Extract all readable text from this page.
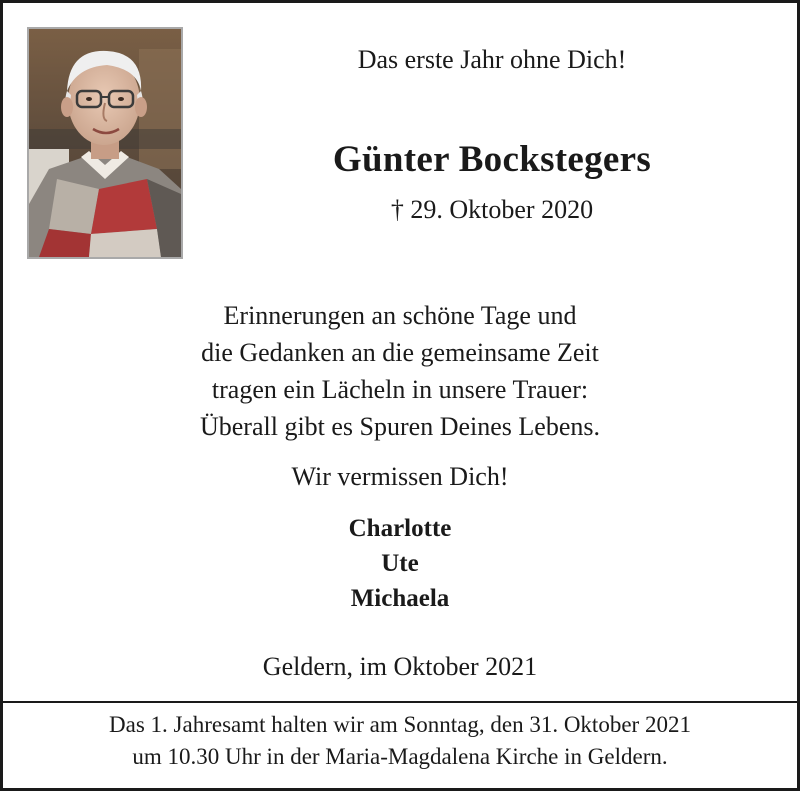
Das erste Jahr ohne Dich!
Günter Bockstegers
† 29. Oktober 2020
Erinnerungen an schöne Tage und
die Gedanken an die gemeinsame Zeit
tragen ein Lächeln in unsere Trauer:
Überall gibt es Spuren Deines Lebens.
Wir vermissen Dich!
Charlotte
Ute
Michaela
Geldern, im Oktober 2021
Das 1. Jahresamt halten wir am Sonntag, den 31. Oktober 2021
um 10.30 Uhr in der Maria-Magdalena Kirche in Geldern.
